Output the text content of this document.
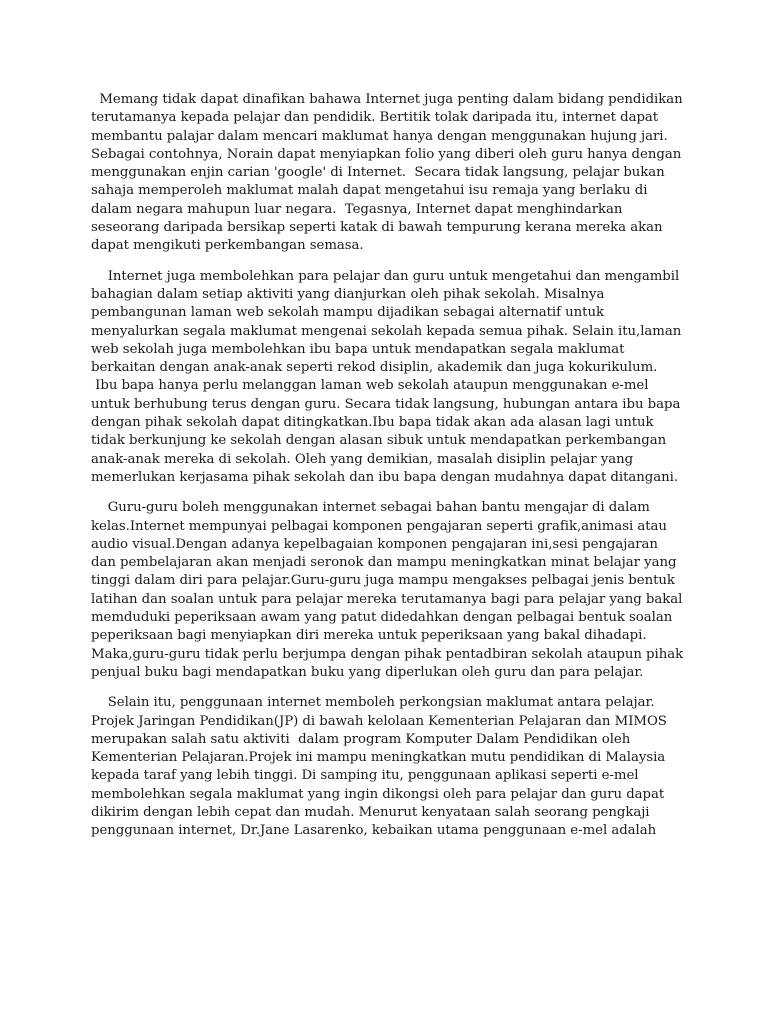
Memang tidak dapat dinafikan bahawa Internet juga penting dalam bidang pendidikan
terutamanya kepada pelajar dan pendidik. Bertitik tolak daripada itu, internet dapat
membantu palajar dalam mencari maklumat hanya dengan menggunakan hujung jari.
Sebagai contohnya, Norain dapat menyiapkan folio yang diberi oleh guru hanya dengan
menggunakan enjin carian 'google' di Internet.  Secara tidak langsung, pelajar bukan
sahaja memperoleh maklumat malah dapat mengetahui isu remaja yang berlaku di
dalam negara mahupun luar negara.  Tegasnya, Internet dapat menghindarkan
seseorang daripada bersikap seperti katak di bawah tempurung kerana mereka akan
dapat mengikuti perkembangan semasa.
Internet juga membolehkan para pelajar dan guru untuk mengetahui dan mengambil
bahagian dalam setiap aktiviti yang dianjurkan oleh pihak sekolah. Misalnya
pembangunan laman web sekolah mampu dijadikan sebagai alternatif untuk
menyalurkan segala maklumat mengenai sekolah kepada semua pihak. Selain itu,laman
web sekolah juga membolehkan ibu bapa untuk mendapatkan segala maklumat
berkaitan dengan anak-anak seperti rekod disiplin, akademik dan juga kokurikulum.
Ibu bapa hanya perlu melanggan laman web sekolah ataupun menggunakan e-mel
untuk berhubung terus dengan guru. Secara tidak langsung, hubungan antara ibu bapa
dengan pihak sekolah dapat ditingkatkan.Ibu bapa tidak akan ada alasan lagi untuk
tidak berkunjung ke sekolah dengan alasan sibuk untuk mendapatkan perkembangan
anak-anak mereka di sekolah. Oleh yang demikian, masalah disiplin pelajar yang
memerlukan kerjasama pihak sekolah dan ibu bapa dengan mudahnya dapat ditangani.
Guru-guru boleh menggunakan internet sebagai bahan bantu mengajar di dalam
kelas.Internet mempunyai pelbagai komponen pengajaran seperti grafik,animasi atau
audio visual.Dengan adanya kepelbagaian komponen pengajaran ini,sesi pengajaran
dan pembelajaran akan menjadi seronok dan mampu meningkatkan minat belajar yang
tinggi dalam diri para pelajar.Guru-guru juga mampu mengakses pelbagai jenis bentuk
latihan dan soalan untuk para pelajar mereka terutamanya bagi para pelajar yang bakal
memduduki peperiksaan awam yang patut didedahkan dengan pelbagai bentuk soalan
peperiksaan bagi menyiapkan diri mereka untuk peperiksaan yang bakal dihadapi.
Maka,guru-guru tidak perlu berjumpa dengan pihak pentadbiran sekolah ataupun pihak
penjual buku bagi mendapatkan buku yang diperlukan oleh guru dan para pelajar.
Selain itu, penggunaan internet memboleh perkongsian maklumat antara pelajar.
Projek Jaringan Pendidikan(JP) di bawah kelolaan Kementerian Pelajaran dan MIMOS
merupakan salah satu aktiviti  dalam program Komputer Dalam Pendidikan oleh
Kementerian Pelajaran.Projek ini mampu meningkatkan mutu pendidikan di Malaysia
kepada taraf yang lebih tinggi. Di samping itu, penggunaan aplikasi seperti e-mel
membolehkan segala maklumat yang ingin dikongsi oleh para pelajar dan guru dapat
dikirim dengan lebih cepat dan mudah. Menurut kenyataan salah seorang pengkaji
penggunaan internet, Dr.Jane Lasarenko, kebaikan utama penggunaan e-mel adalah
